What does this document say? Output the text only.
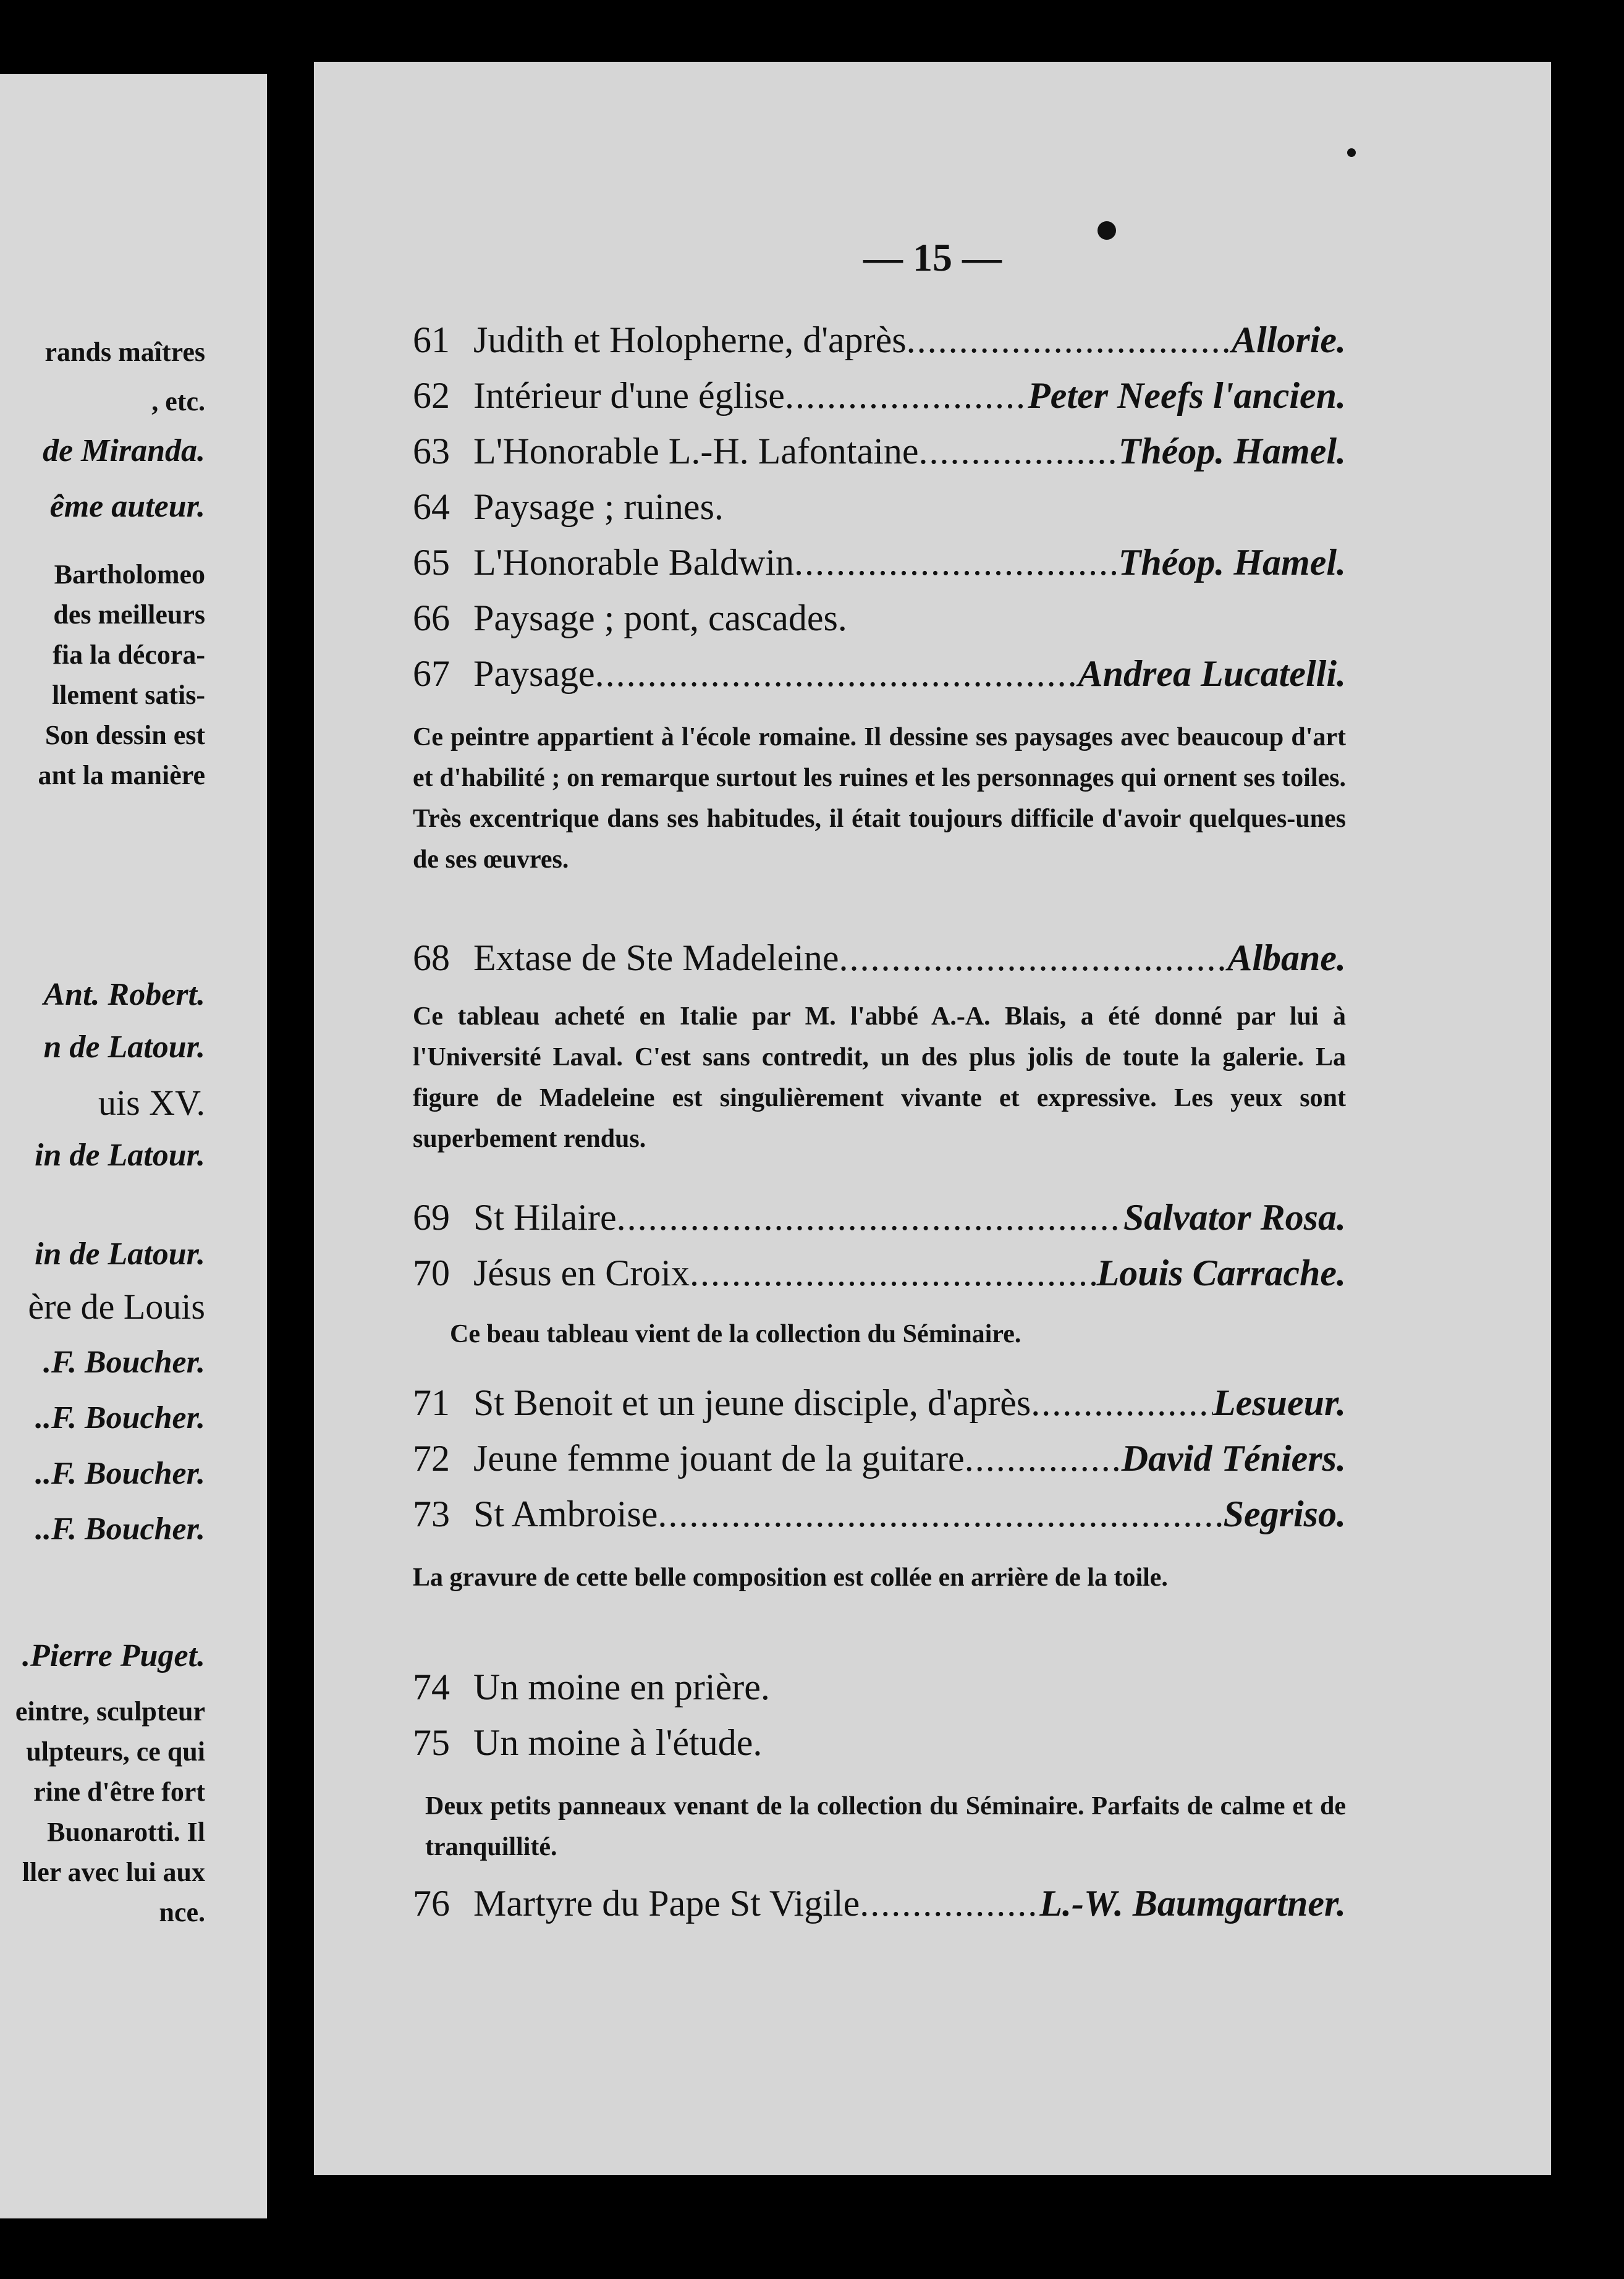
rands maîtres
, etc.
de Miranda.
ême auteur.
Bartholomeo
des meilleurs
fia la décora-
llement satis-
Son dessin est
ant la manière
Ant. Robert.
n de Latour.
uis XV.
in de Latour.
in de Latour.
ère de Louis
.F. Boucher.
..F. Boucher.
..F. Boucher.
..F. Boucher.
.Pierre Puget.
eintre, sculpteur
ulpteurs, ce qui
rine d'être fort
Buonarotti. Il
ller avec lui aux
nce.
— 15 —
61 Judith et Holopherne, d'après .....	Allorie.
62 Intérieur d'une église .....	Peter Neefs l'ancien.
63 L'Honorable L.-H. Lafontaine .....	Théop. Hamel.
64 Paysage ; ruines.
65 L'Honorable Baldwin .....	Théop. Hamel.
66 Paysage ; pont, cascades.
67 Paysage .....	Andrea Lucatelli.
Ce peintre appartient à l'école romaine. Il dessine ses paysages avec beaucoup d'art et d'habilité ; on remarque surtout les ruines et les personnages qui ornent ses toiles. Très excentrique dans ses habitudes, il était toujours difficile d'avoir quelques-unes de ses œuvres.
68 Extase de Ste Madeleine .....	Albane.
Ce tableau acheté en Italie par M. l'abbé A.-A. Blais, a été donné par lui à l'Université Laval. C'est sans contredit, un des plus jolis de toute la galerie. La figure de Madeleine est singulièrement vivante et expressive. Les yeux sont superbement rendus.
69 St Hilaire .....	Salvator Rosa.
70 Jésus en Croix .....	Louis Carrache.
Ce beau tableau vient de la collection du Séminaire.
71 St Benoit et un jeune disciple, d'après .....	Lesueur.
72 Jeune femme jouant de la guitare .....	David Téniers.
73 St Ambroise .....	Segriso.
La gravure de cette belle composition est collée en arrière de la toile.
74 Un moine en prière.
75 Un moine à l'étude.
Deux petits panneaux venant de la collection du Séminaire. Parfaits de calme et de tranquillité.
76 Martyre du Pape St Vigile .....	L.-W. Baumgartner.
